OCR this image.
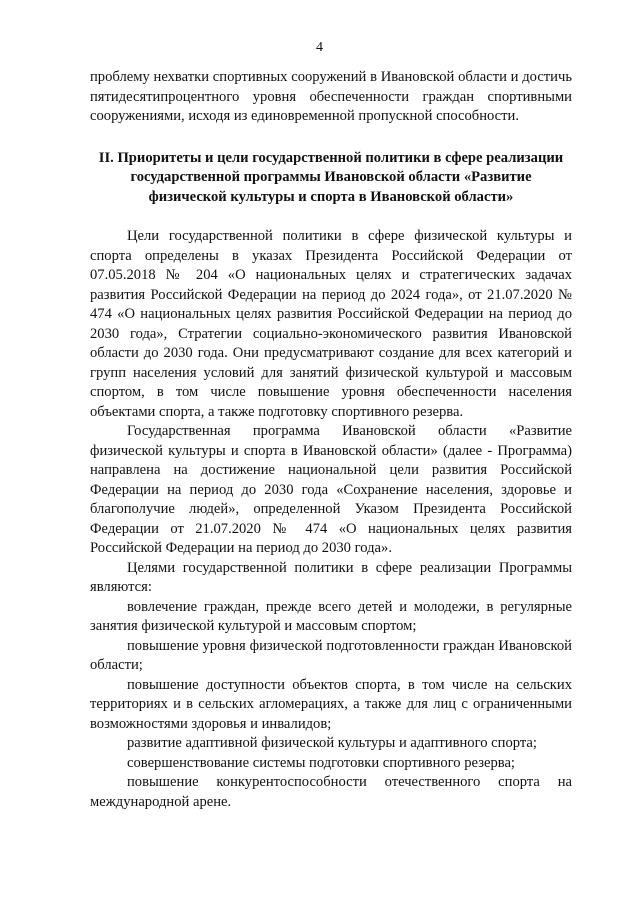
4

проблему нехватки спортивных сооружений в Ивановской области и достичь пятидесятипроцентного уровня обеспеченности граждан спортивными сооружениями, исходя из единовременной пропускной способности.

II. Приоритеты и цели государственной политики в сфере реализации государственной программы Ивановской области «Развитие физической культуры и спорта в Ивановской области»

Цели государственной политики в сфере физической культуры и спорта определены в указах Президента Российской Федерации от 07.05.2018 № 204 «О национальных целях и стратегических задачах развития Российской Федерации на период до 2024 года», от 21.07.2020 № 474 «О национальных целях развития Российской Федерации на период до 2030 года», Стратегии социально-экономического развития Ивановской области до 2030 года. Они предусматривают создание для всех категорий и групп населения условий для занятий физической культурой и массовым спортом, в том числе повышение уровня обеспеченности населения объектами спорта, а также подготовку спортивного резерва.

Государственная программа Ивановской области «Развитие физической культуры и спорта в Ивановской области» (далее - Программа) направлена на достижение национальной цели развития Российской Федерации на период до 2030 года «Сохранение населения, здоровье и благополучие людей», определенной Указом Президента Российской Федерации от 21.07.2020 № 474 «О национальных целях развития Российской Федерации на период до 2030 года».

Целями государственной политики в сфере реализации Программы являются:

вовлечение граждан, прежде всего детей и молодежи, в регулярные занятия физической культурой и массовым спортом;

повышение уровня физической подготовленности граждан Ивановской области;

повышение доступности объектов спорта, в том числе на сельских территориях и в сельских агломерациях, а также для лиц с ограниченными возможностями здоровья и инвалидов;

развитие адаптивной физической культуры и адаптивного спорта;

совершенствование системы подготовки спортивного резерва;

повышение конкурентоспособности отечественного спорта на международной арене.
